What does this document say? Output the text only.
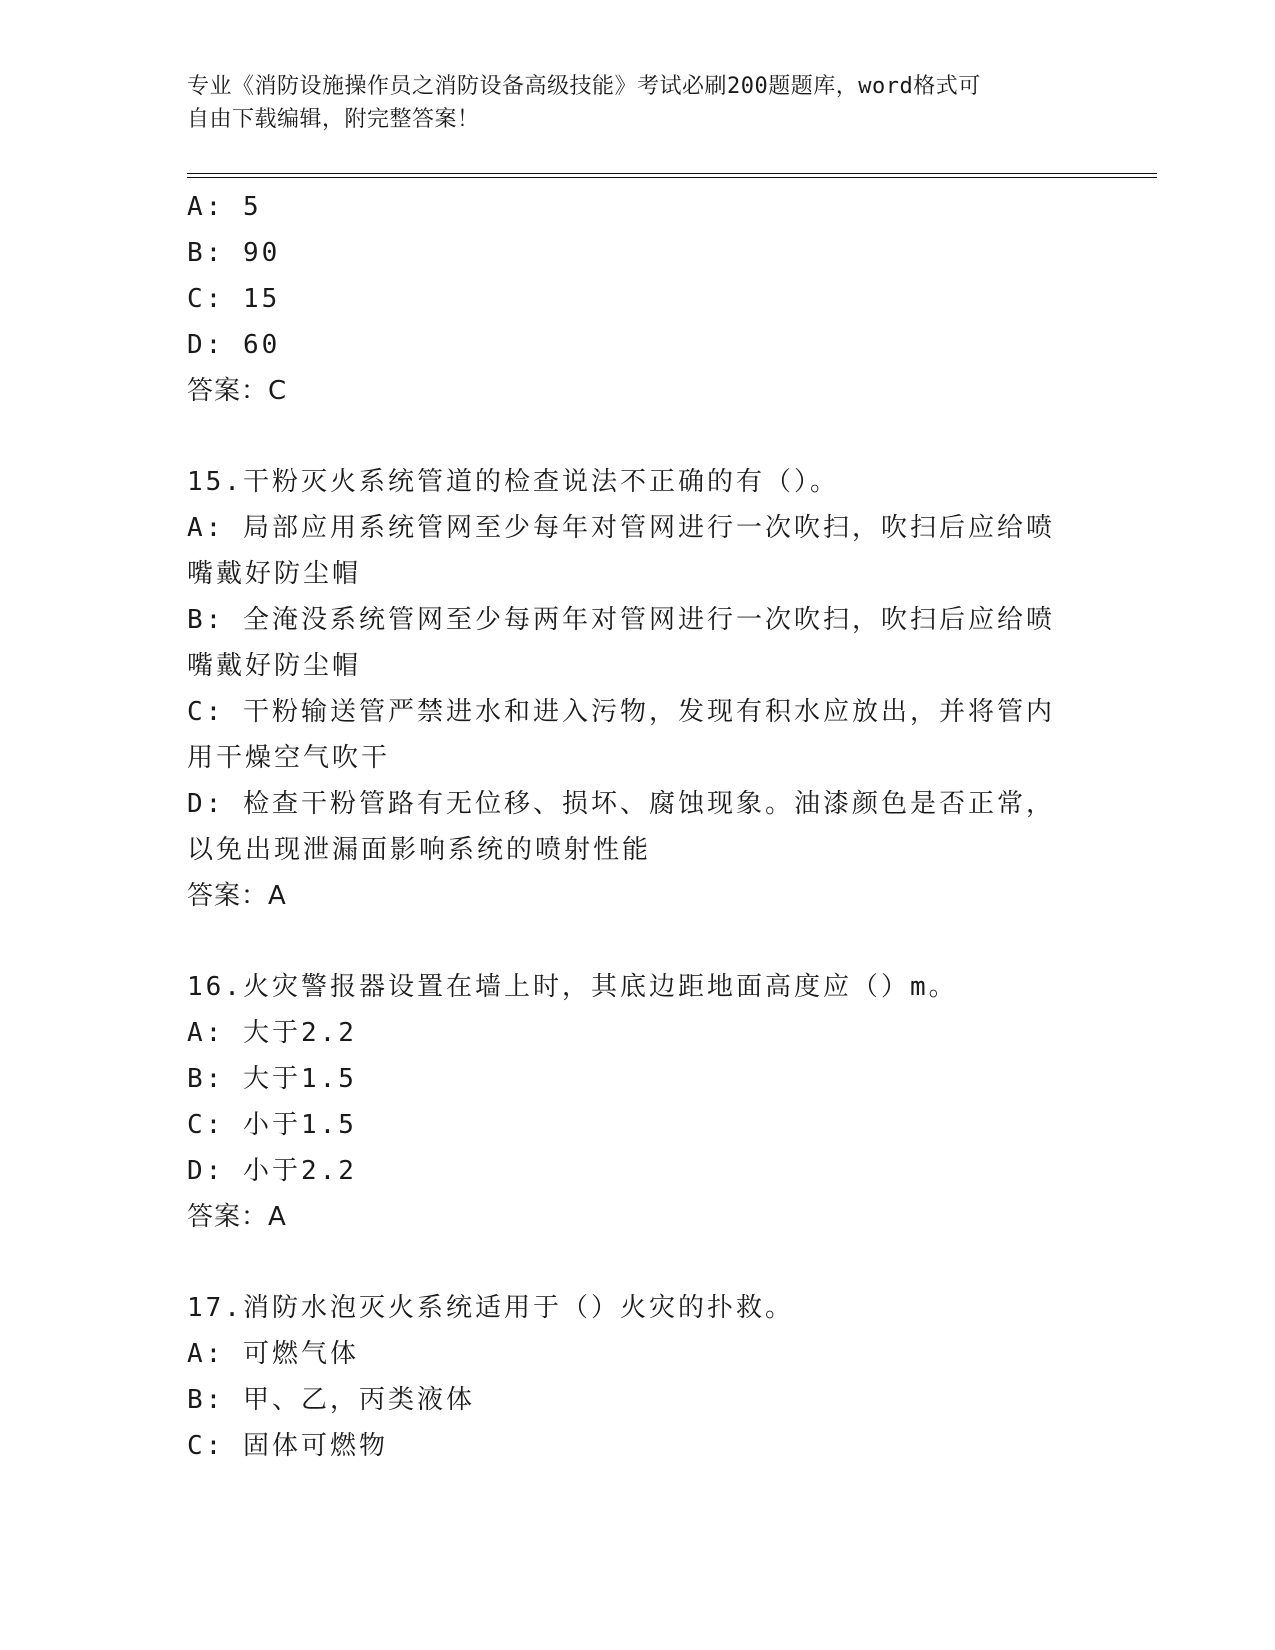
专业《消防设施操作员之消防设备高级技能》考试必刷200题题库，word格式可
自由下载编辑，附完整答案！
A: 5
B: 90
C: 15
D: 60
答案：C
15.干粉灭火系统管道的检查说法不正确的有（）。
A: 局部应用系统管网至少每年对管网进行一次吹扫，吹扫后应给喷嘴戴好防尘帽
B: 全淹没系统管网至少每两年对管网进行一次吹扫，吹扫后应给喷嘴戴好防尘帽
C: 干粉输送管严禁进水和进入污物，发现有积水应放出，并将管内用干燥空气吹干
D: 检查干粉管路有无位移、损坏、腐蚀现象。油漆颜色是否正常，以免出现泄漏面影响系统的喷射性能
答案：A
16.火灾警报器设置在墙上时，其底边距地面高度应（）m。
A: 大于2.2
B: 大于1.5
C: 小于1.5
D: 小于2.2
答案：A
17.消防水泡灭火系统适用于（）火灾的扑救。
A: 可燃气体
B: 甲、乙，丙类液体
C: 固体可燃物
